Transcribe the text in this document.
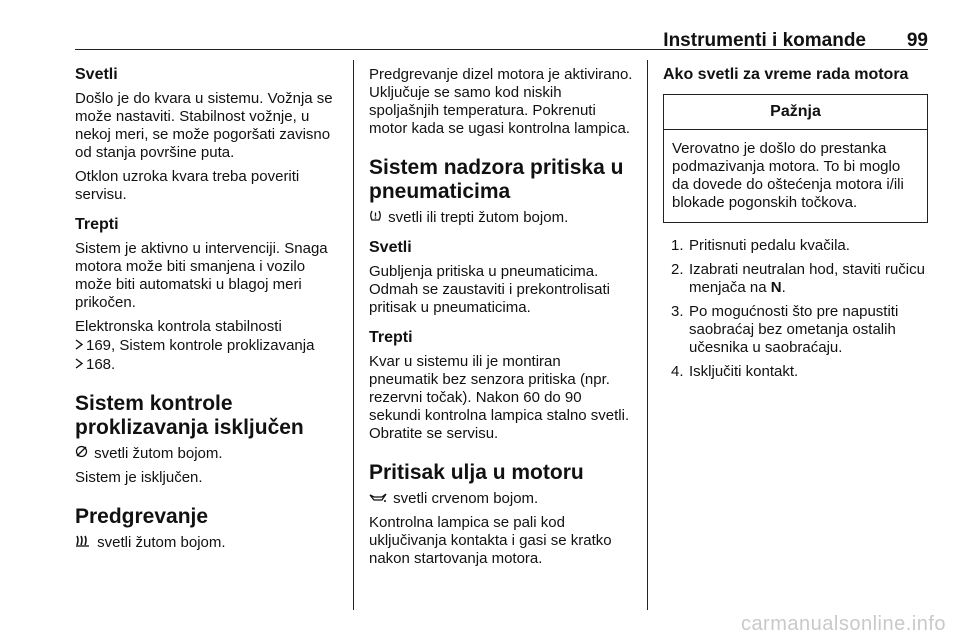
Instrumenti i komande 99

Svetli

Došlo je do kvara u sistemu. Vožnja se može nastaviti. Stabilnost vožnje, u nekoj meri, se može pogoršati zavisno od stanja površine puta.

Otklon uzroka kvara treba poveriti servisu.

Trepti

Sistem je aktivno u intervenciji. Snaga motora može biti smanjena i vozilo može biti automatski u blagoj meri prikočen.

Elektronska kontrola stabilnosti

169, Sistem kontrole proklizavanja

168.

Sistem kontrole proklizavanja isključen

svetli žutom bojom.

Sistem je isključen.

Predgrevanje

svetli žutom bojom.

Predgrevanje dizel motora je aktivirano. Uključuje se samo kod niskih spoljašnjih temperatura. Pokrenuti motor kada se ugasi kontrolna lampica.

Sistem nadzora pritiska u pneumaticima

svetli ili trepti žutom bojom.

Svetli

Gubljenja pritiska u pneumaticima. Odmah se zaustaviti i prekontrolisati pritisak u pneumaticima.

Trepti

Kvar u sistemu ili je montiran pneumatik bez senzora pritiska (npr. rezervni točak). Nakon 60 do 90 sekundi kontrolna lampica stalno svetli. Obratite se servisu.

Pritisak ulja u motoru

svetli crvenom bojom.

Kontrolna lampica se pali kod uključivanja kontakta i gasi se kratko nakon startovanja motora.

Ako svetli za vreme rada motora

Pažnja
Verovatno je došlo do prestanka podmazivanja motora. To bi moglo da dovede do oštećenja motora i/ili blokade pogonskih točkova.
1. Pritisnuti pedalu kvačila.
2. Izabrati neutralan hod, staviti ručicu menjača na N.
3. Po mogućnosti što pre napustiti saobraćaj bez ometanja ostalih učesnika u saobraćaju.
4. Isključiti kontakt.
carmanualsonline.info
